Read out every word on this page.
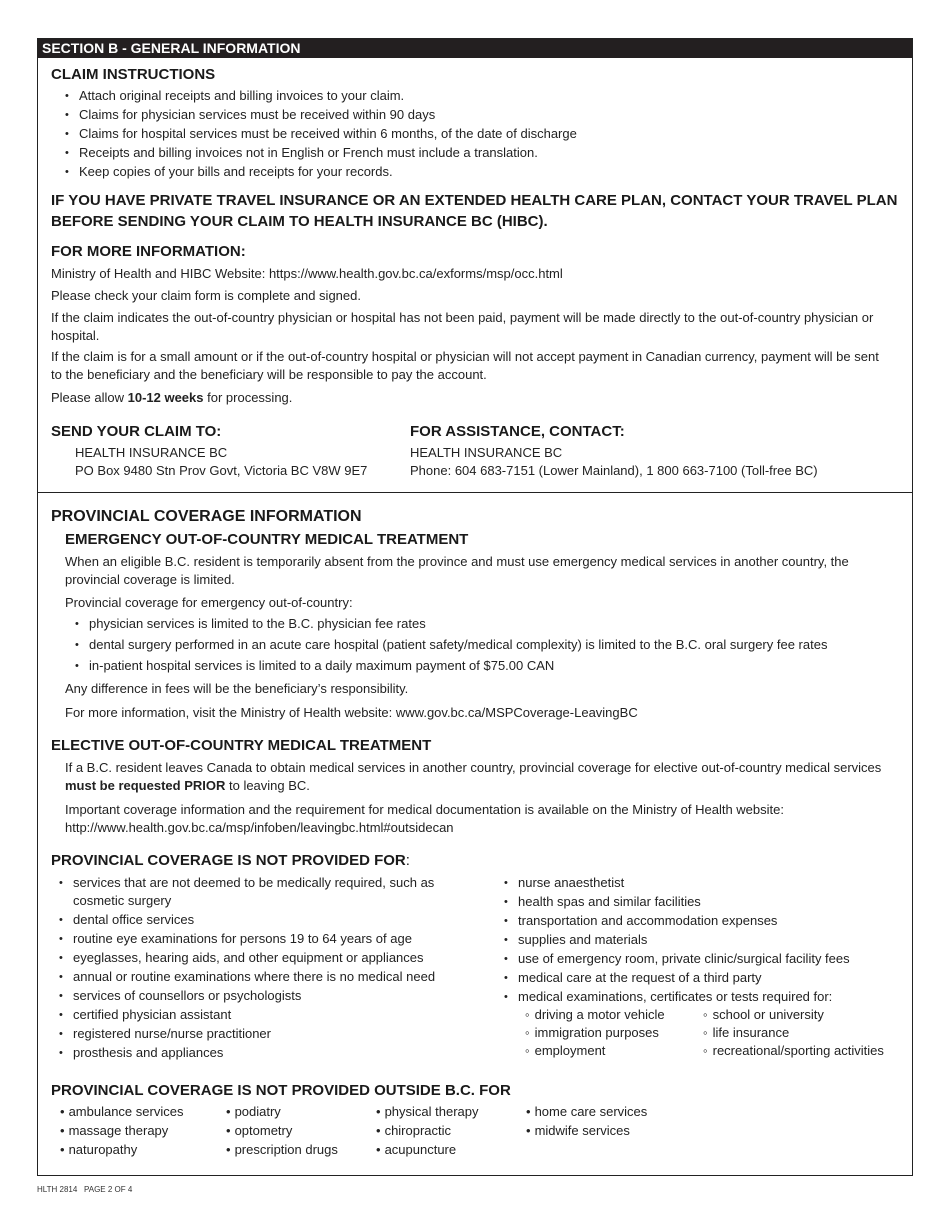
SECTION B - GENERAL INFORMATION
CLAIM INSTRUCTIONS
• Attach original receipts and billing invoices to your claim.
• Claims for physician services must be received within 90 days
• Claims for hospital services must be received within 6 months, of the date of discharge
• Receipts and billing invoices not in English or French must include a translation.
• Keep copies of your bills and receipts for your records.
IF YOU HAVE PRIVATE TRAVEL INSURANCE OR AN EXTENDED HEALTH CARE PLAN, CONTACT YOUR TRAVEL PLAN
BEFORE SENDING YOUR CLAIM TO HEALTH INSURANCE BC (HIBC).
FOR MORE INFORMATION:
Ministry of Health and HIBC Website: https://www.health.gov.bc.ca/exforms/msp/occ.html
Please check your claim form is complete and signed.
If the claim indicates the out-of-country physician or hospital has not been paid, payment will be made directly to the out-of-country physician or hospital.
If the claim is for a small amount or if the out-of-country hospital or physician will not accept payment in Canadian currency, payment will be sent to the beneficiary and the beneficiary will be responsible to pay the account.
Please allow 10-12 weeks for processing.
SEND YOUR CLAIM TO:
HEALTH INSURANCE BC
PO Box 9480 Stn Prov Govt, Victoria BC V8W 9E7
FOR ASSISTANCE, CONTACT:
HEALTH INSURANCE BC
Phone: 604 683-7151 (Lower Mainland), 1 800 663-7100 (Toll-free BC)
PROVINCIAL COVERAGE INFORMATION
EMERGENCY OUT-OF-COUNTRY MEDICAL TREATMENT
When an eligible B.C. resident is temporarily absent from the province and must use emergency medical services in another country, the provincial coverage is limited.
Provincial coverage for emergency out-of-country:
• physician services is limited to the B.C. physician fee rates
• dental surgery performed in an acute care hospital (patient safety/medical complexity) is limited to the B.C. oral surgery fee rates
• in-patient hospital services is limited to a daily maximum payment of $75.00 CAN
Any difference in fees will be the beneficiary’s responsibility.
For more information, visit the Ministry of Health website: www.gov.bc.ca/MSPCoverage-LeavingBC
ELECTIVE OUT-OF-COUNTRY MEDICAL TREATMENT
If a B.C. resident leaves Canada to obtain medical services in another country, provincial coverage for elective out-of-country medical services
must be requested PRIOR to leaving BC.
Important coverage information and the requirement for medical documentation is available on the Ministry of Health website:
http://www.health.gov.bc.ca/msp/infoben/leavingbc.html#outsidecan
PROVINCIAL COVERAGE IS NOT PROVIDED FOR:
• services that are not deemed to be medically required, such as
cosmetic surgery
• dental office services
• routine eye examinations for persons 19 to 64 years of age
• eyeglasses, hearing aids, and other equipment or appliances
• annual or routine examinations where there is no medical need
• services of counsellors or psychologists
• certified physician assistant
• registered nurse/nurse practitioner
• prosthesis and appliances
• nurse anaesthetist
• health spas and similar facilities
• transportation and accommodation expenses
• supplies and materials
• use of emergency room, private clinic/surgical facility fees
• medical care at the request of a third party
• medical examinations, certificates or tests required for:
◦ driving a motor vehicle
◦ immigration purposes
◦ employment
◦ school or university
◦ life insurance
◦ recreational/sporting activities
PROVINCIAL COVERAGE IS NOT PROVIDED OUTSIDE B.C. FOR
• ambulance services
• massage therapy
• naturopathy
• podiatry
• optometry
• prescription drugs
• physical therapy
• chiropractic
• acupuncture
• home care services
• midwife services
HLTH 2814 PAGE 2 OF 4
